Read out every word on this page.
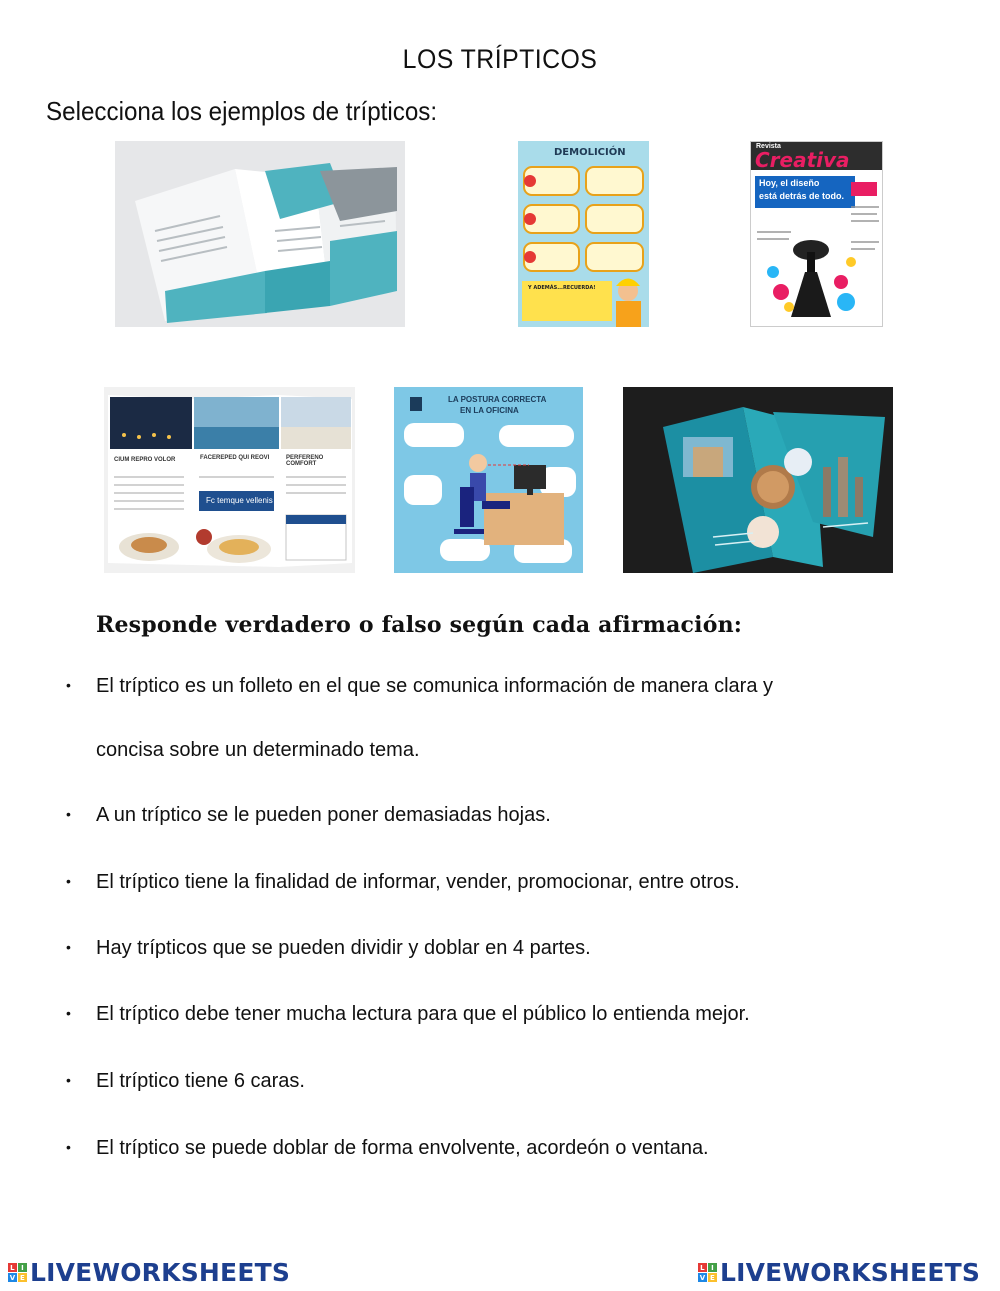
LOS TRÍPTICOS
Selecciona los ejemplos de trípticos:
DEMOLICIÓN
Y ADEMÁS...RECUERDA!
Revista
Creativa
Hoy, el diseño
está detrás de todo.
CIUM REPRO VOLOR	FACEREPED QUI REOVI	PERFERENO COMFORT
Fc temque vellenis
LA POSTURA CORRECTA
EN LA OFICINA
Responde verdadero o falso según cada afirmación:
•	El tríptico es un folleto en el que se comunica información de manera clara y
concisa sobre un determinado tema.
•	A un tríptico se le pueden poner demasiadas hojas.
•	El tríptico tiene la finalidad de informar, vender, promocionar, entre otros.
•	Hay trípticos que se pueden dividir y doblar en 4 partes.
•	El tríptico debe tener mucha lectura para que el público lo entienda mejor.
•	El tríptico tiene 6 caras.
•	El tríptico se puede doblar de forma envolvente, acordeón o ventana.
L I
V E LIVEWORKSHEETS	L I
V E LIVEWORKSHEETS
